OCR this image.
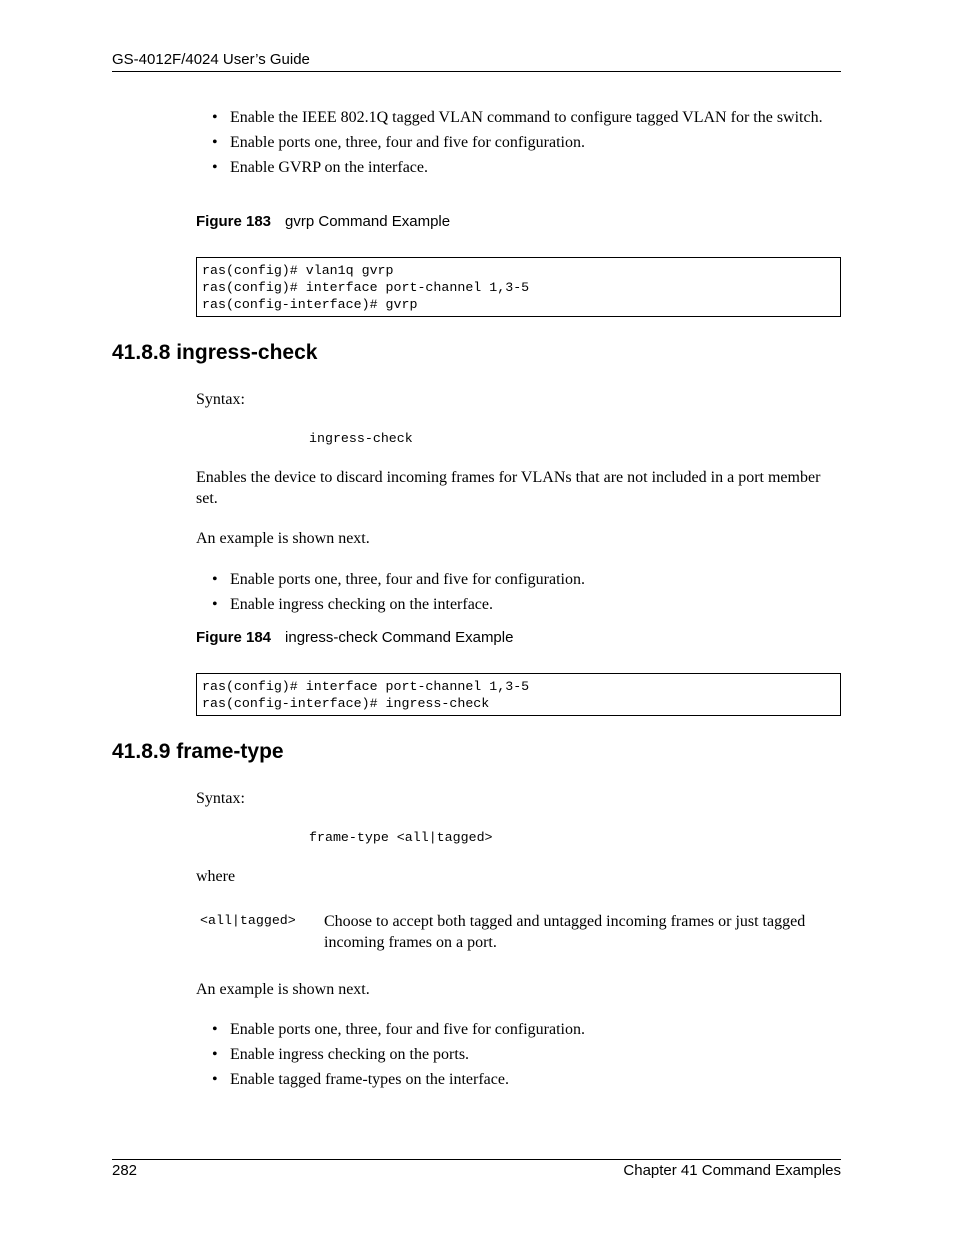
GS-4012F/4024 User’s Guide
• Enable the IEEE 802.1Q tagged VLAN command to configure tagged VLAN for the switch.
• Enable ports one, three, four and five for configuration.
• Enable GVRP on the interface.
Figure 183 gvrp Command Example
ras(config)# vlan1q gvrp
ras(config)# interface port-channel 1,3-5
ras(config-interface)# gvrp
41.8.8 ingress-check
Syntax:
ingress-check
Enables the device to discard incoming frames for VLANs that are not included in a port member set.
An example is shown next.
• Enable ports one, three, four and five for configuration.
• Enable ingress checking on the interface.
Figure 184 ingress-check Command Example
ras(config)# interface port-channel 1,3-5
ras(config-interface)# ingress-check
41.8.9 frame-type
Syntax:
frame-type <all|tagged>
where
<all|tagged> Choose to accept both tagged and untagged incoming frames or just tagged incoming frames on a port.
An example is shown next.
• Enable ports one, three, four and five for configuration.
• Enable ingress checking on the ports.
• Enable tagged frame-types on the interface.
282	Chapter 41 Command Examples
